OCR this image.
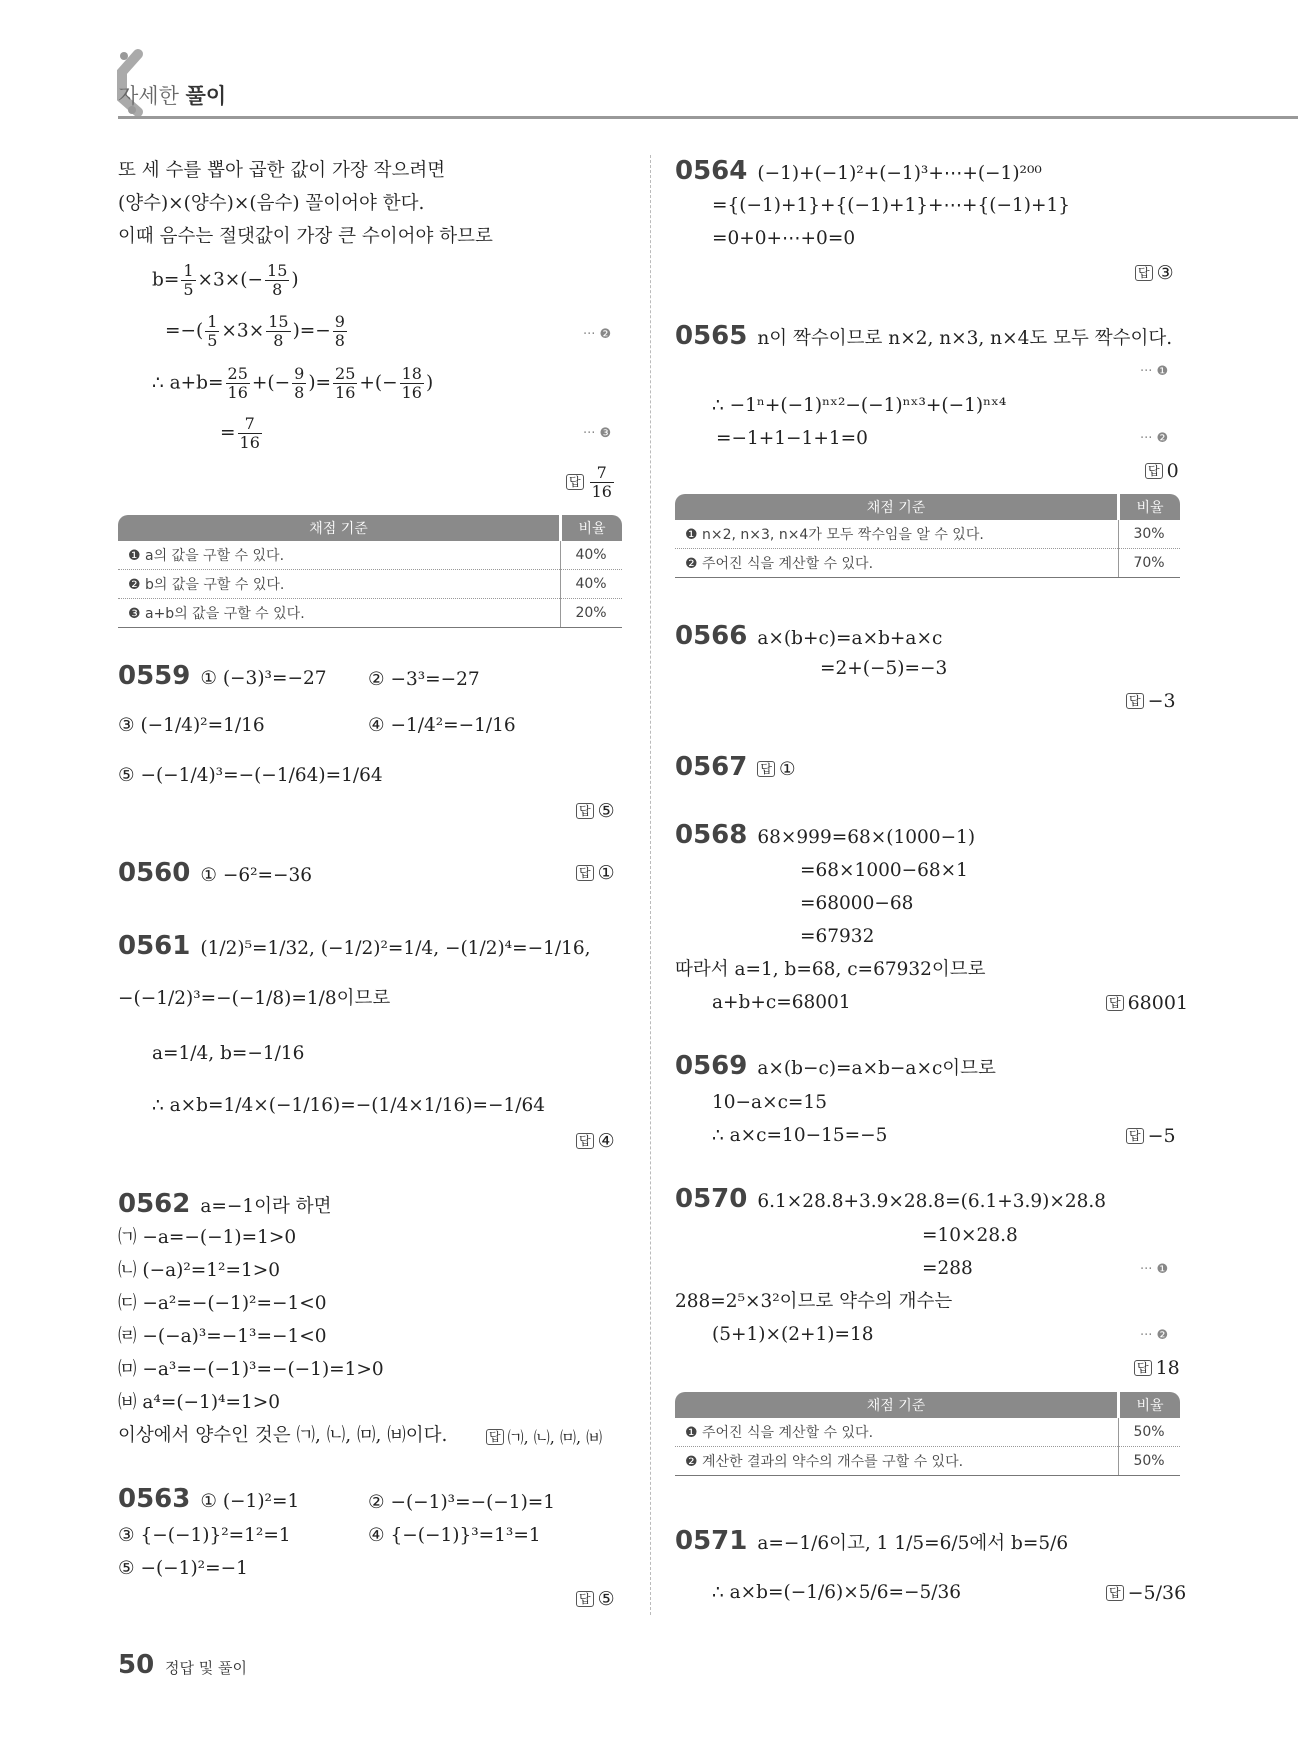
자세한 풀이
또 세 수를 뽑아 곱한 값이 가장 작으려면
(양수)×(양수)×(음수) 꼴이어야 한다.
이때 음수는 절댓값이 가장 큰 수이어야 하므로
$b= \frac{1}{5} \times 3\times(- \frac{15}{8}$ )
=−( $\frac{1}{5} \times 3\times \frac{15}{8}$ )=− $\frac{9}{8}$	··· ❷
∴ $a+b= \frac{25}{16}$ +(− $\frac{9}{8}$ )= $\frac{25}{16}$ +(− $\frac{18}{16}$ )
= $\frac{7}{16}$	··· ❸
답 $\frac{7}{16}$
채점 기준	비율
❶ a의 값을 구할 수 있다.	40%
❷ b의 값을 구할 수 있다.	40%
❸ a+b의 값을 구할 수 있다.	20%
0559 ① (−3)³=−27 ② −3³=−27
③ (−1/4)²=1/16	④ −1/4²=−1/16
⑤ −(−1/4)³=−(−1/64)=1/64
답 ⑤
0560 ① −6²=−36	답 ①
0561 (1/2)⁵=1/32, (−1/2)²=1/4, −(1/2)⁴=−1/16,
−(−1/2)³=−(−1/8)=1/8이므로
a=1/4, b=−1/16
∴ a×b=1/4×(−1/16)=−(1/4×1/16)=−1/64
답 ④
0562 a=−1이라 하면
㈀ −a=−(−1)=1>0
㈁ (−a)²=1²=1>0
㈂ −a²=−(−1)²=−1<0
㈃ −(−a)³=−1³=−1<0
㈄ −a³=−(−1)³=−(−1)=1>0
㈅ a⁴=(−1)⁴=1>0
이상에서 양수인 것은 ㈀, ㈁, ㈄, ㈅이다.	답 ㈀, ㈁, ㈄, ㈅
0563 ① (−1)²=1	② −(−1)³=−(−1)=1
③ {−(−1)}²=1²=1	④ {−(−1)}³=1³=1
⑤ −(−1)²=−1
답 ⑤
0564 (−1)+(−1)²+(−1)³+⋯+(−1)²⁰⁰
={(−1)+1}+{(−1)+1}+⋯+{(−1)+1}
=0+0+⋯+0=0
답 ③
0565 n이 짝수이므로 n×2, n×3, n×4도 모두 짝수이다.
··· ❶
∴ −1ⁿ+(−1)ⁿˣ²−(−1)ⁿˣ³+(−1)ⁿˣ⁴
=−1+1−1+1=0	··· ❷
답 0
채점 기준	비율
❶ n×2, n×3, n×4가 모두 짝수임을 알 수 있다.	30%
❷ 주어진 식을 계산할 수 있다.	70%
0566 a×(b+c)=a×b+a×c
=2+(−5)=−3
답 −3
0567 답 ①
0568 68×999=68×(1000−1)
=68×1000−68×1
=68000−68
=67932
따라서 a=1, b=68, c=67932이므로
a+b+c=68001	답 68001
0569 a×(b−c)=a×b−a×c이므로
10−a×c=15
∴ a×c=10−15=−5	답 −5
0570 6.1×28.8+3.9×28.8=(6.1+3.9)×28.8
=10×28.8
=288	··· ❶
288=2⁵×3²이므로 약수의 개수는
(5+1)×(2+1)=18	··· ❷
답 18
채점 기준	비율
❶ 주어진 식을 계산할 수 있다.	50%
❷ 계산한 결과의 약수의 개수를 구할 수 있다.	50%
0571 a=−1/6이고, 1 1/5=6/5에서 b=5/6
∴ a×b=(−1/6)×5/6=−5/36	답 −5/36
50 정답 및 풀이
